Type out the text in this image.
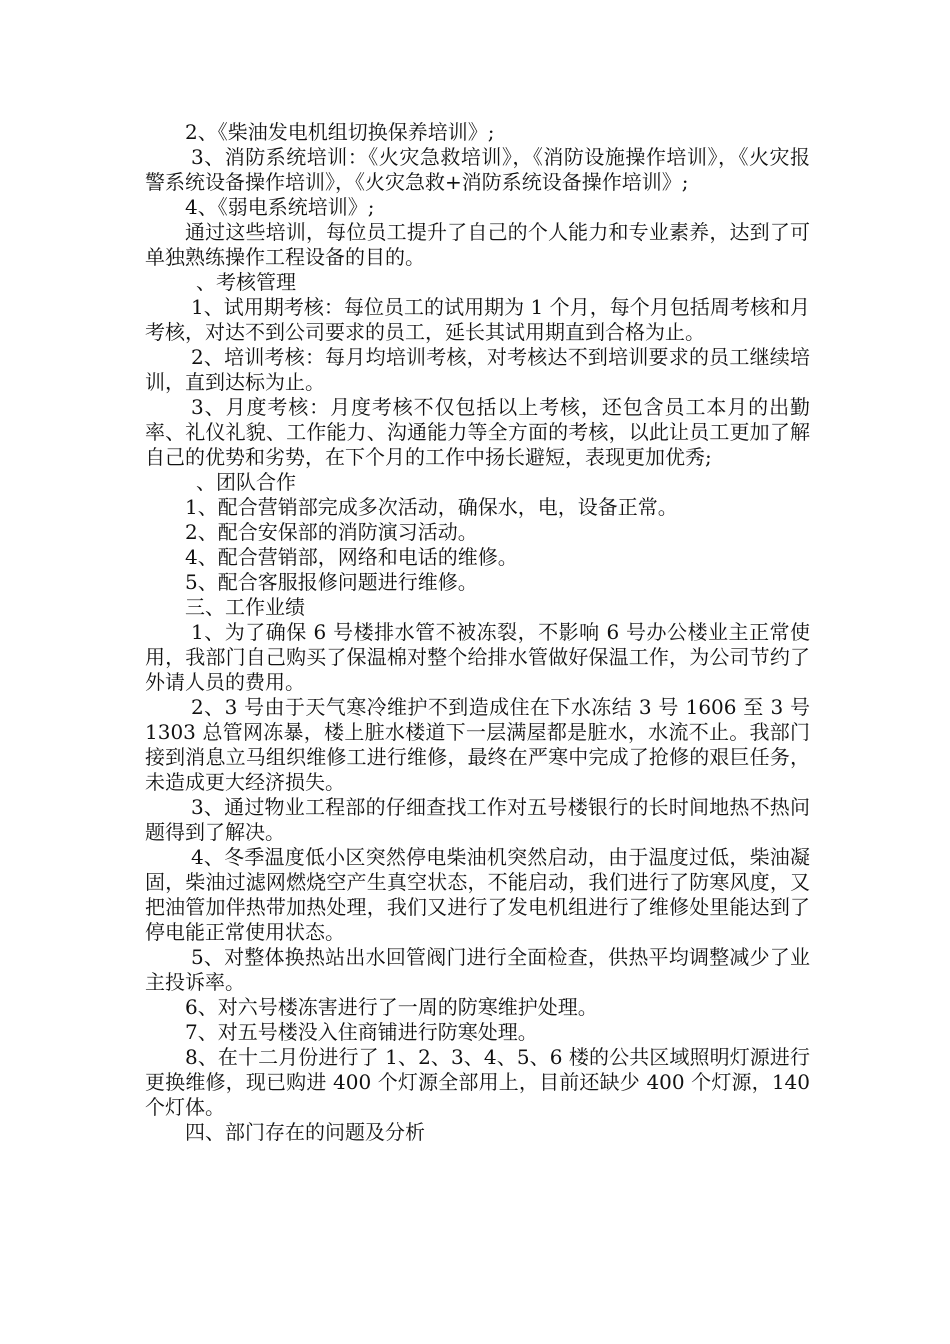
2、《柴油发电机组切换保养培训》;

3、消防系统培训：《火灾急救培训》，《消防设施操作培训》，《火灾报警系统设备操作培训》，《火灾急救+消防系统设备操作培训》;

4、《弱电系统培训》;

通过这些培训，每位员工提升了自己的个人能力和专业素养，达到了可单独熟练操作工程设备的目的。

、考核管理

1、试用期考核：每位员工的试用期为 1 个月，每个月包括周考核和月考核，对达不到公司要求的员工，延长其试用期直到合格为止。

2、培训考核：每月均培训考核，对考核达不到培训要求的员工继续培训，直到达标为止。

3、月度考核：月度考核不仅包括以上考核，还包含员工本月的出勤率、礼仪礼貌、工作能力、沟通能力等全方面的考核，以此让员工更加了解自己的优势和劣势，在下个月的工作中扬长避短，表现更加优秀;

、团队合作

1、配合营销部完成多次活动，确保水，电，设备正常。

2、配合安保部的消防演习活动。

4、配合营销部，网络和电话的维修。

5、配合客服报修问题进行维修。

三、工作业绩

1、为了确保 6 号楼排水管不被冻裂，不影响 6 号办公楼业主正常使用，我部门自己购买了保温棉对整个给排水管做好保温工作，为公司节约了外请人员的费用。

2、3 号由于天气寒冷维护不到造成住在下水冻结 3 号 1606 至 3 号 1303 总管网冻暴，楼上脏水楼道下一层满屋都是脏水，水流不止。我部门接到消息立马组织维修工进行维修，最终在严寒中完成了抢修的艰巨任务，未造成更大经济损失。

3、通过物业工程部的仔细查找工作对五号楼银行的长时间地热不热问题得到了解决。

4、冬季温度低小区突然停电柴油机突然启动，由于温度过低，柴油凝固，柴油过滤网燃烧空产生真空状态，不能启动，我们进行了防寒风度，又把油管加伴热带加热处理，我们又进行了发电机组进行了维修处里能达到了停电能正常使用状态。

5、对整体换热站出水回管阀门进行全面检查，供热平均调整减少了业主投诉率。

6、对六号楼冻害进行了一周的防寒维护处理。

7、对五号楼没入住商铺进行防寒处理。

8、在十二月份进行了 1、2、3、4、5、6 楼的公共区域照明灯源进行更换维修，现已购进 400 个灯源全部用上，目前还缺少 400 个灯源，140 个灯体。

四、部门存在的问题及分析
